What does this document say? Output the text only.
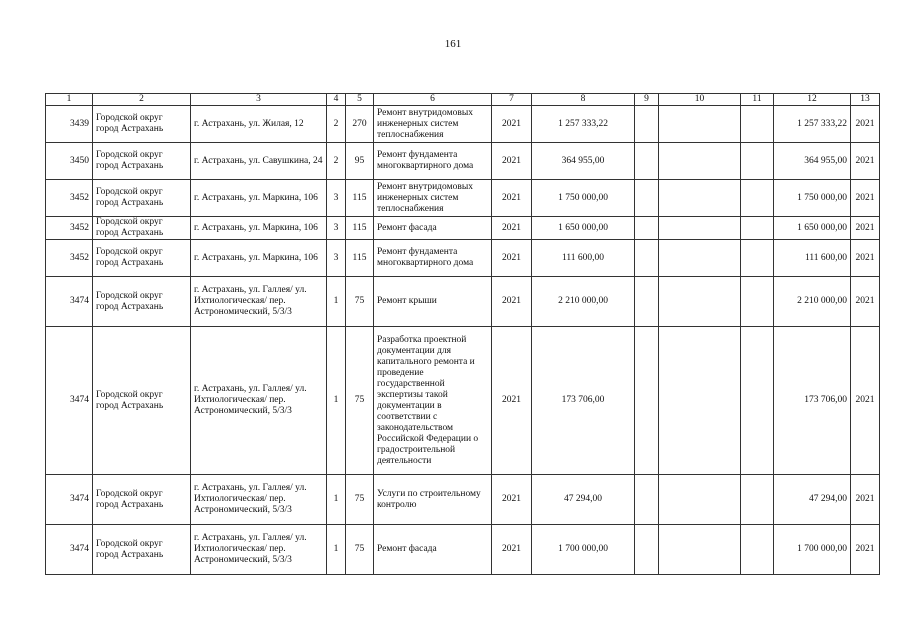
161
1	2	3	4	5	6	7	8	9	10	11	12	13
3439	Городской округ город Астрахань	г. Астрахань, ул. Жилая, 12	2	270	Ремонт внутридомовых инженерных систем теплоснабжения	2021	1 257 333,22				1 257 333,22	2021
3450	Городской округ город Астрахань	г. Астрахань, ул. Савушкина, 24	2	95	Ремонт фундамента многоквартирного дома	2021	364 955,00				364 955,00	2021
3452	Городской округ город Астрахань	г. Астрахань, ул. Маркина, 106	3	115	Ремонт внутридомовых инженерных систем теплоснабжения	2021	1 750 000,00				1 750 000,00	2021
3452	Городской округ город Астрахань	г. Астрахань, ул. Маркина, 106	3	115	Ремонт фасада	2021	1 650 000,00				1 650 000,00	2021
3452	Городской округ город Астрахань	г. Астрахань, ул. Маркина, 106	3	115	Ремонт фундамента многоквартирного дома	2021	111 600,00				111 600,00	2021
3474	Городской округ город Астрахань	г. Астрахань, ул. Галлея/ ул. Ихтиологическая/ пер. Астрономический, 5/3/3	1	75	Ремонт крыши	2021	2 210 000,00				2 210 000,00	2021
3474	Городской округ город Астрахань	г. Астрахань, ул. Галлея/ ул. Ихтиологическая/ пер. Астрономический, 5/3/3	1	75	Разработка проектной документации для капитального ремонта и проведение государственной экспертизы такой документации в соответствии с законодательством Российской Федерации о градостроительной деятельности	2021	173 706,00				173 706,00	2021
3474	Городской округ город Астрахань	г. Астрахань, ул. Галлея/ ул. Ихтиологическая/ пер. Астрономический, 5/3/3	1	75	Услуги по строительному контролю	2021	47 294,00				47 294,00	2021
3474	Городской округ город Астрахань	г. Астрахань, ул. Галлея/ ул. Ихтиологическая/ пер. Астрономический, 5/3/3	1	75	Ремонт фасада	2021	1 700 000,00				1 700 000,00	2021
